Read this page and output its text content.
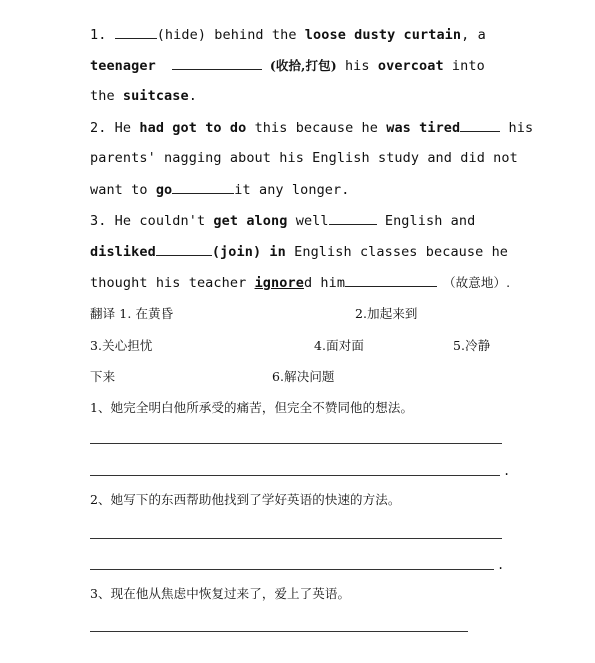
1.	(hide) behind the loose dusty curtain, a
teenager	(收拾,打包) his overcoat into
the suitcase.
2. He had got to do this because he was tired	his
parents' nagging about his English study and did not
want to go	it any longer.
3. He couldn't get along well	English and
disliked	(join) in English classes because he
thought his teacher ignored him	（故意地）.
翻译 1. 在黄昏	2.加起来到
3.关心担忧	4.面对面	5.冷静
下来	6.解决问题
1、她完全明白他所承受的痛苦，但完全不赞同他的想法。
.
2、她写下的东西帮助他找到了学好英语的快速的方法。
.
3、现在他从焦虑中恢复过来了，爱上了英语。
